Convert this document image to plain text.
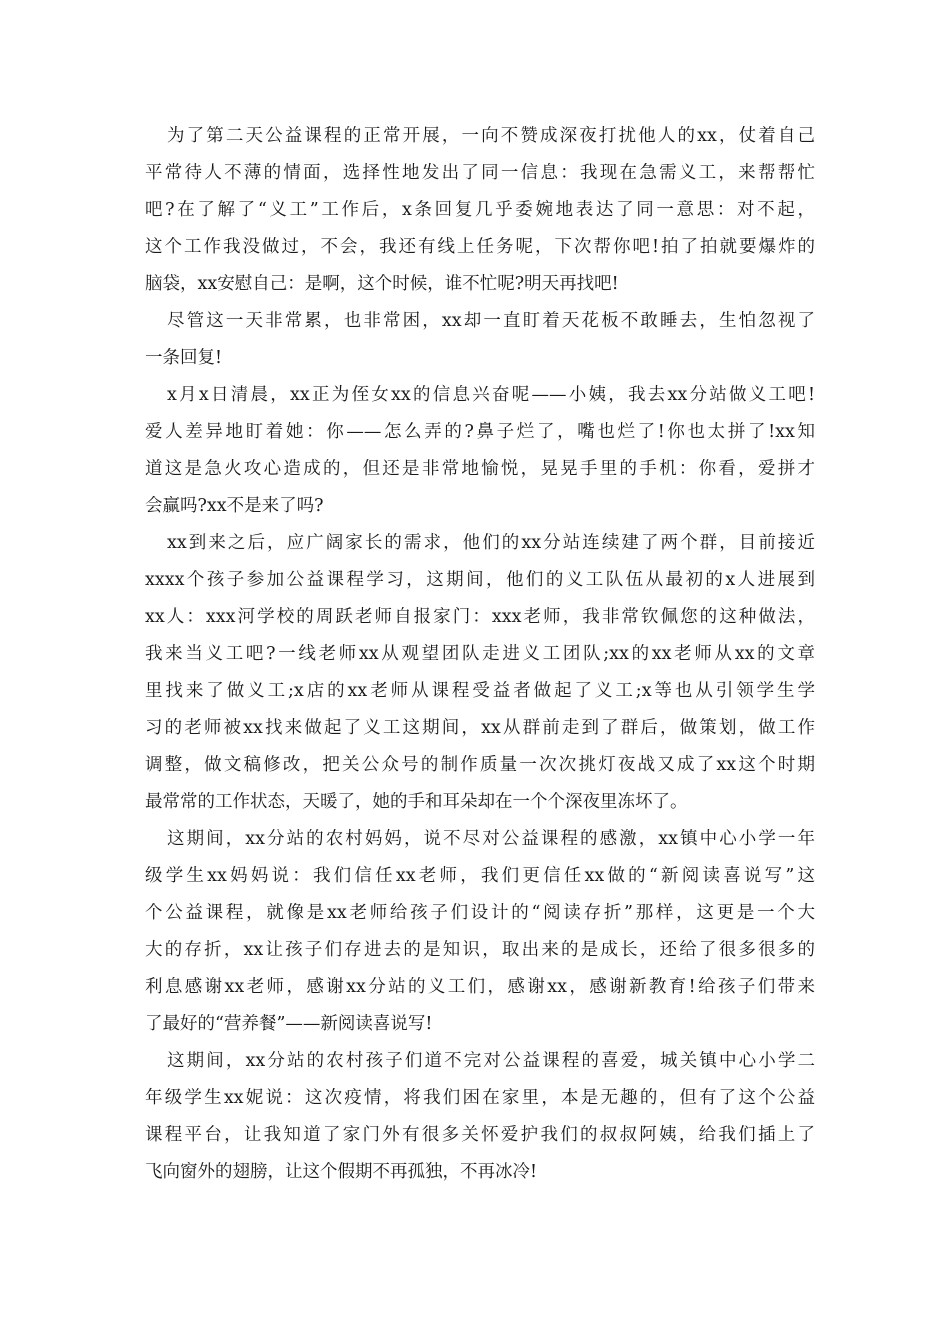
为了第二天公益课程的正常开展，一向不赞成深夜打扰他人的xx，仗着自己
平常待人不薄的情面，选择性地发出了同一信息：我现在急需义工，来帮帮忙
吧?在了解了“义工”工作后，x条回复几乎委婉地表达了同一意思：对不起，
这个工作我没做过，不会，我还有线上任务呢，下次帮你吧!拍了拍就要爆炸的
脑袋，xx安慰自己：是啊，这个时候，谁不忙呢?明天再找吧!
尽管这一天非常累，也非常困，xx却一直盯着天花板不敢睡去，生怕忽视了
一条回复!
x月x日清晨，xx正为侄女xx的信息兴奋呢——小姨，我去xx分站做义工吧!
爱人差异地盯着她：你——怎么弄的?鼻子烂了，嘴也烂了!你也太拼了!xx知
道这是急火攻心造成的，但还是非常地愉悦，晃晃手里的手机：你看，爱拼才
会赢吗?xx不是来了吗?
xx到来之后，应广阔家长的需求，他们的xx分站连续建了两个群，目前接近
xxxx个孩子参加公益课程学习，这期间，他们的义工队伍从最初的x人进展到
xx人：xxx河学校的周跃老师自报家门：xxx老师，我非常钦佩您的这种做法，
我来当义工吧?一线老师xx从观望团队走进义工团队;xx的xx老师从xx的文章
里找来了做义工;x店的xx老师从课程受益者做起了义工;x等也从引领学生学
习的老师被xx找来做起了义工这期间，xx从群前走到了群后，做策划，做工作
调整，做文稿修改，把关公众号的制作质量一次次挑灯夜战又成了xx这个时期
最常常的工作状态，天暖了，她的手和耳朵却在一个个深夜里冻坏了。
这期间，xx分站的农村妈妈，说不尽对公益课程的感激，xx镇中心小学一年
级学生xx妈妈说：我们信任xx老师，我们更信任xx做的“新阅读喜说写”这
个公益课程，就像是xx老师给孩子们设计的“阅读存折”那样，这更是一个大
大的存折，xx让孩子们存进去的是知识，取出来的是成长，还给了很多很多的
利息感谢xx老师，感谢xx分站的义工们，感谢xx，感谢新教育!给孩子们带来
了最好的“营养餐”——新阅读喜说写!
这期间，xx分站的农村孩子们道不完对公益课程的喜爱，城关镇中心小学二
年级学生xx妮说：这次疫情，将我们困在家里，本是无趣的，但有了这个公益
课程平台，让我知道了家门外有很多关怀爱护我们的叔叔阿姨，给我们插上了
飞向窗外的翅膀，让这个假期不再孤独，不再冰冷!
